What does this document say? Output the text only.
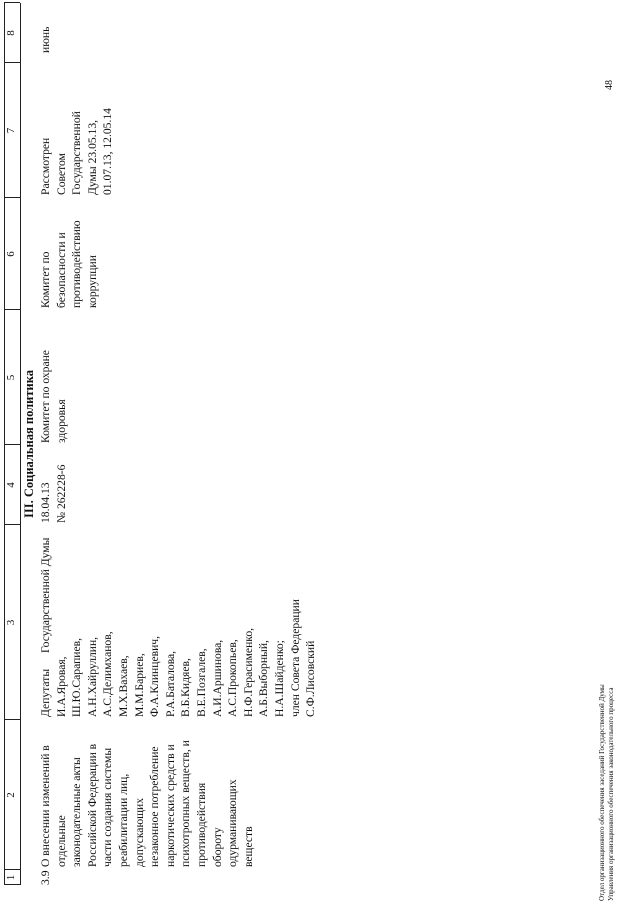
1
2
3
4
5
6
7
8
III. Социальная политика
3.9
О внесении изменений в отдельные законодательные акты Российской Федерации в части создания системы реабилитации лиц, допускающих незаконное потребление наркотических средств и психотропных веществ, и противодействия обороту одурманивающих веществ
Депутаты И.А.Яровая, Ш.Ю.Сарапиев, А.Н.Хайруллин, А.С.Делимханов, М.Х.Вахаев, М.М.Бариев, Ф.А.Клинцевич, Р.А.Баталова, В.Б.Кидяев, В.Е.Позгалев, А.И.Аршинова, А.С.Прокопьев, Н.Ф.Герасименко, А.Б.Выборный, Н.А.Шайденко; член Совета Федерации С.Ф.Лисовский
Государственной Думы
18.04.13 № 262228-6
Комитет по охране здоровья
Комитет по безопасности и противодействию коррупции
Рассмотрен Советом Государственной Думы 23.05.13, 01.07.13, 12.05.14
июнь
Отдел организационного обеспечения заседаний Государственной Думы Управления организационного обеспечения законодательного процесса
48
